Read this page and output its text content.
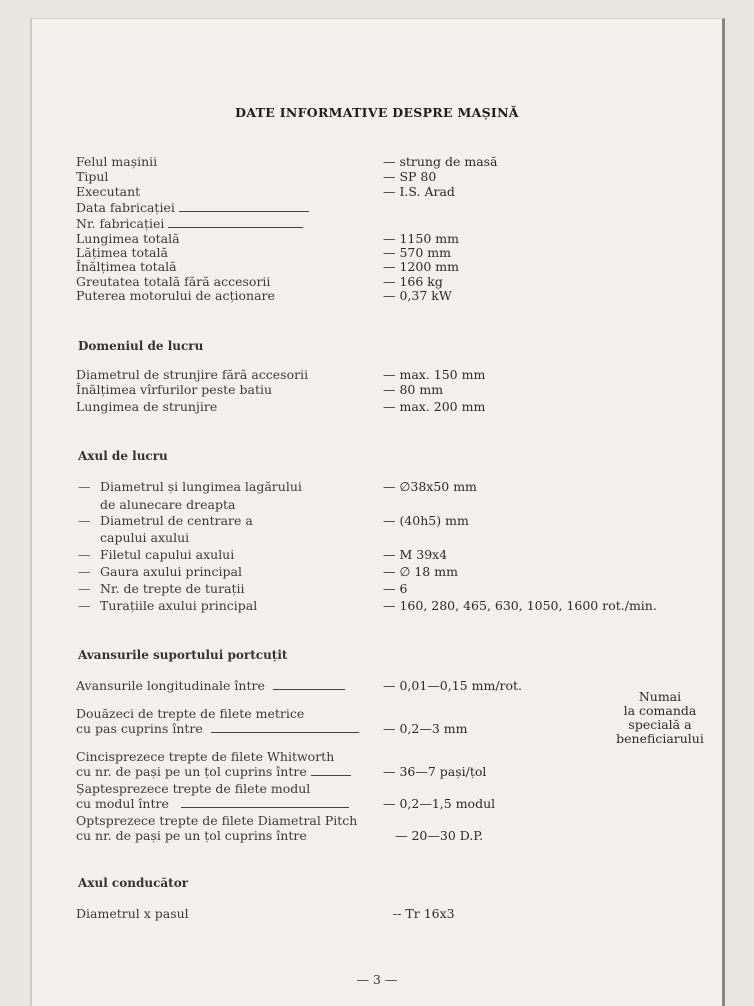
DATE INFORMATIVE DESPRE MAȘINĂ
Felul mașinii	— strung de masă
Tipul	— SP 80
Executant	— I.S. Arad
Data fabricației
Nr. fabricației
Lungimea totală	— 1150 mm
Lățimea totală	— 570 mm
Înălțimea totală	— 1200 mm
Greutatea totală fără accesorii	— 166 kg
Puterea motorului de acționare	— 0,37 kW
Domeniul de lucru
Diametrul de strunjire fără accesorii	— max. 150 mm
Înălțimea vîrfurilor peste batiu	— 80 mm
Lungimea de strunjire	— max. 200 mm
Axul de lucru
— Diametrul și lungimea lagărului	— ∅38x50 mm
de alunecare dreapta
— Diametrul de centrare a	— (40h5) mm
capului axului
— Filetul capului axului	— M 39x4
— Gaura axului principal	— ∅ 18 mm
— Nr. de trepte de turații	— 6
— Turațiile axului principal	— 160, 280, 465, 630, 1050, 1600 rot./min.
Avansurile suportului portcuțit
Avansurile longitudinale între	— 0,01—0,15 mm/rot.
Douăzeci de trepte de filete metrice
cu pas cuprins între	— 0,2—3 mm
Cincisprezece trepte de filete Whitworth
cu nr. de pași pe un țol cuprins între	— 36—7 pași/țol
Șaptesprezece trepte de filete modul
cu modul între	— 0,2—1,5 modul
Optsprezece trepte de filete Diametral Pitch
cu nr. de pași pe un țol cuprins între	— 20—30 D.P.
Numai
la comanda
specială a
beneficiarului
Axul conducător
Diametrul x pasul	-- Tr 16x3
— 3 —
